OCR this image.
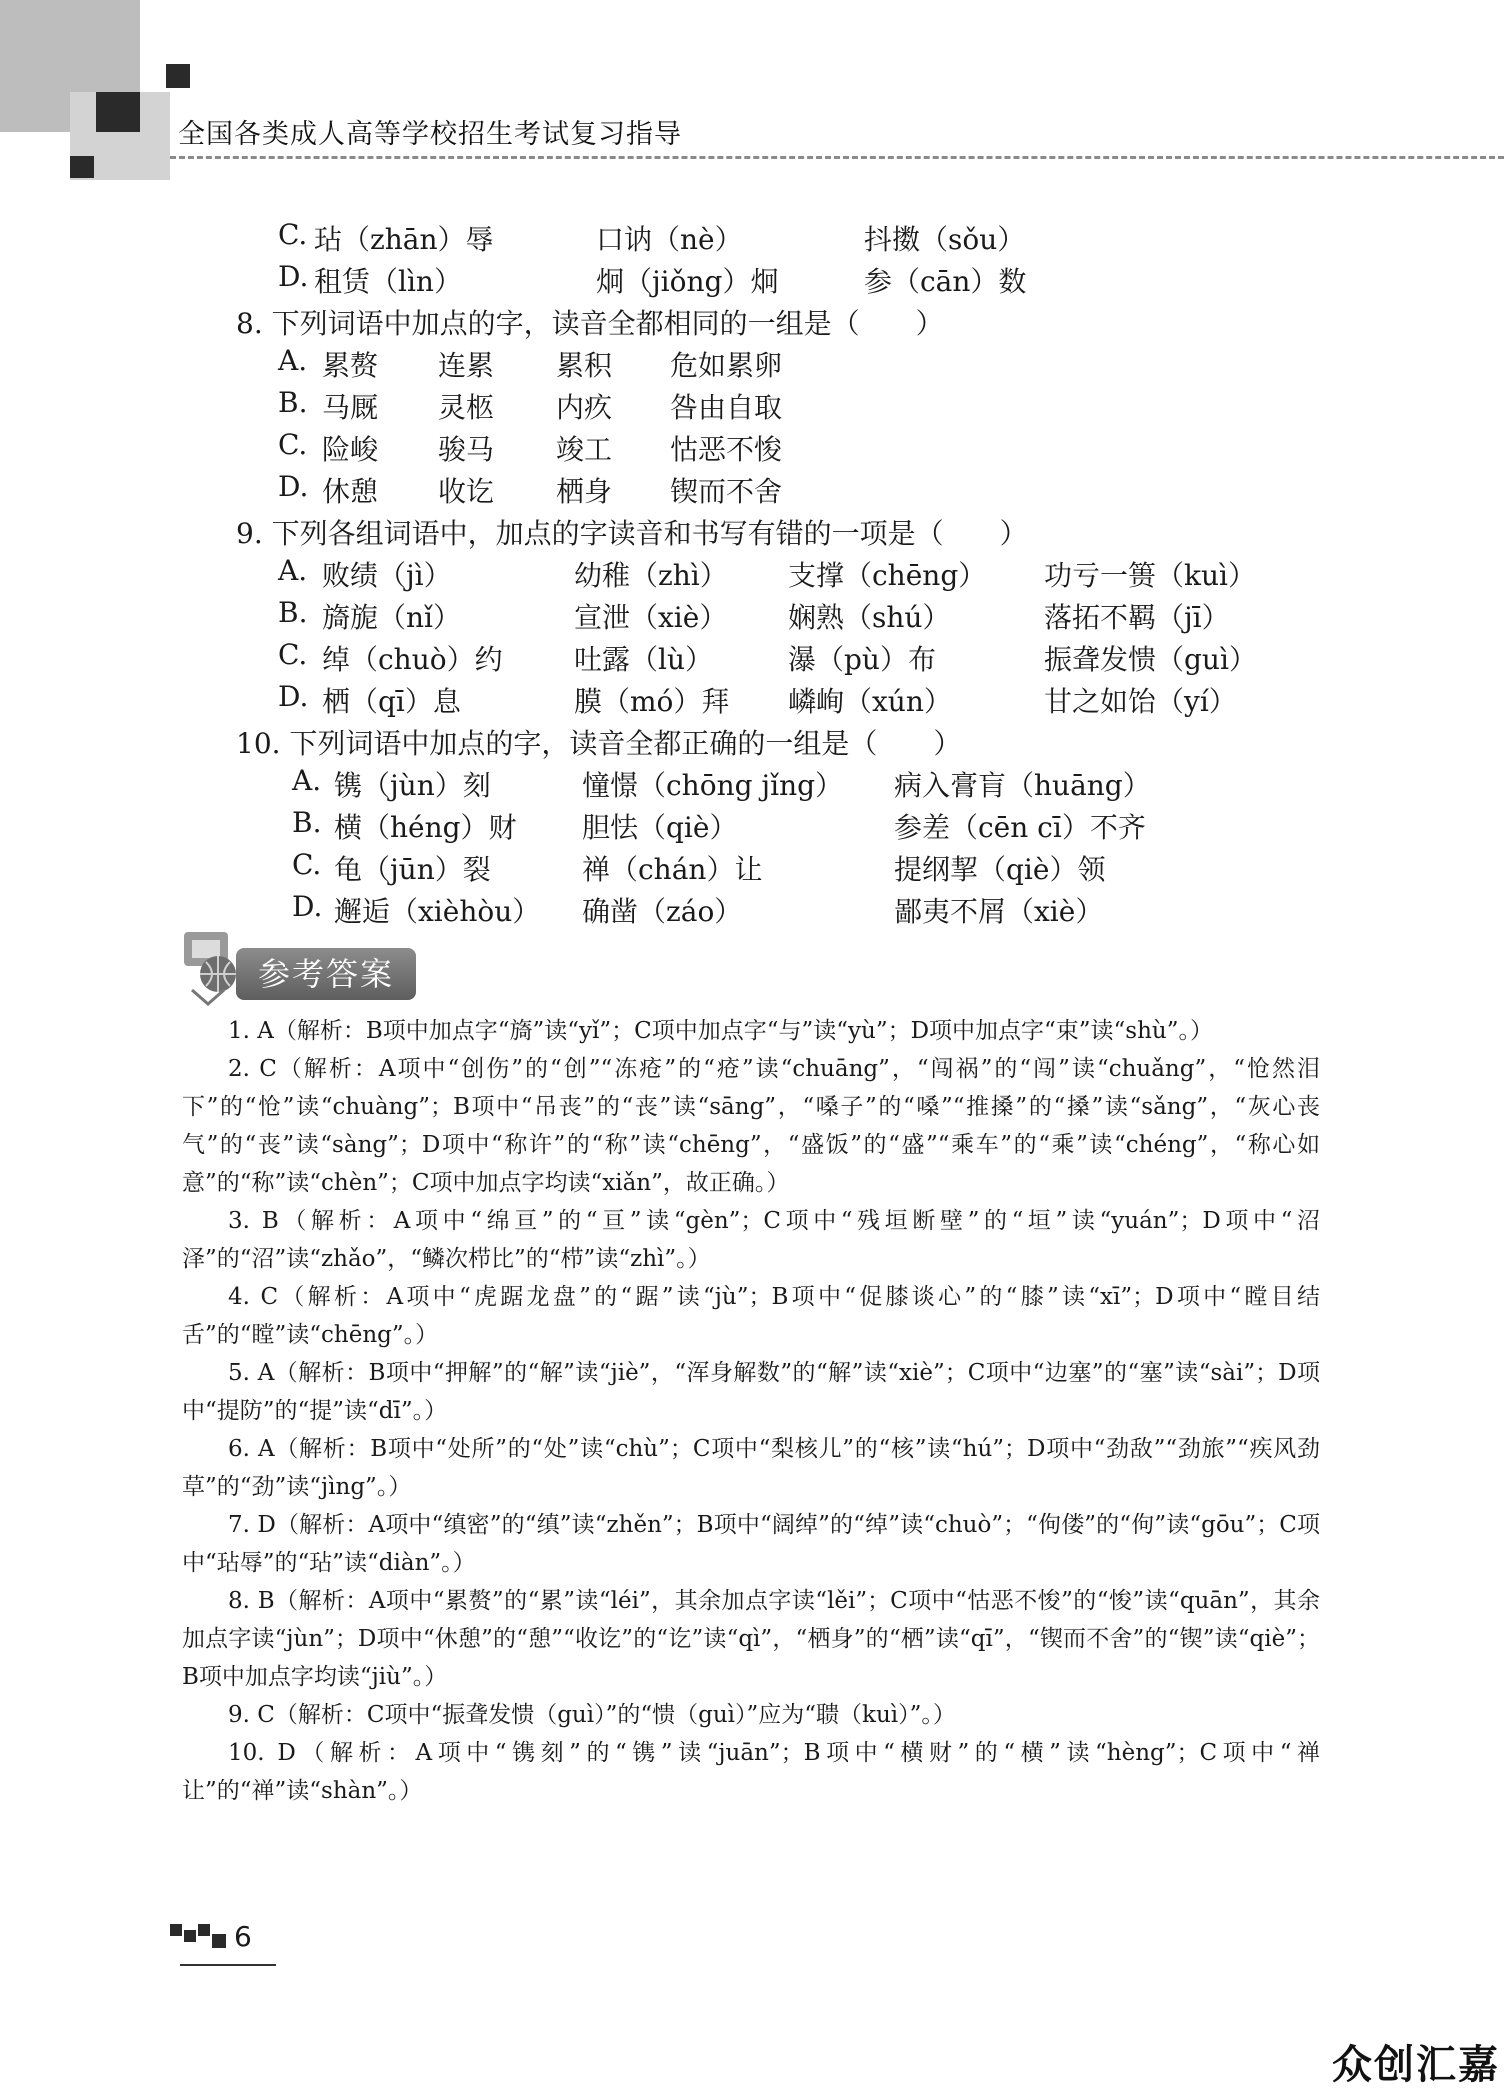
全国各类成人高等学校招生考试复习指导
C. 玷（zhān）辱	口讷（nè）	抖擞（sǒu）
D. 租赁（lìn）	炯（jiǒng）炯	参（cān）数
8. 下列词语中加点的字，读音全都相同的一组是（　　）
A. 累赘 连累 累积 危如累卵
B. 马厩 灵柩 内疚 咎由自取
C. 险峻 骏马 竣工 怙恶不悛
D. 休憩 收讫 栖身 锲而不舍
9. 下列各组词语中，加点的字读音和书写有错的一项是（　　）
A. 败绩（jì）	幼稚（zhì） 支撑（chēng） 功亏一篑（kuì）
B. 旖旎（nǐ）	宣泄（xiè） 娴熟（shú）	落拓不羁（jī）
C. 绰（chuò）约	吐露（lù）	瀑（pù）布	振聋发愦（guì）
D. 栖（qī）息	膜（mó）拜 嶙峋（xún）	甘之如饴（yí）
10. 下列词语中加点的字，读音全都正确的一组是（　　）
A. 镌（jùn）刻	憧憬（chōng jǐng） 病入膏肓（huāng）
B. 横（héng）财 胆怯（qiè）	参差（cēn cī）不齐
C. 龟（jūn）裂	禅（chán）让	提纲挈（qiè）领
D. 邂逅（xièhòu） 确凿（záo）	鄙夷不屑（xiè）
参考答案

1. A（解析：B项中加点字“旖”读“yǐ”；C项中加点字“与”读“yù”；D项中加点字“束”读“shù”。）

2. C（解析：A项中“创伤”的“创”“冻疮”的“疮”读“chuāng”，“闯祸”的“闯”读“chuǎng”，“怆然泪下”的“怆”读“chuàng”；B项中“吊丧”的“丧”读“sāng”，“嗓子”的“嗓”“推搡”的“搡”读“sǎng”，“灰心丧气”的“丧”读“sàng”；D项中“称许”的“称”读“chēng”，“盛饭”的“盛”“乘车”的“乘”读“chéng”，“称心如意”的“称”读“chèn”；C项中加点字均读“xiǎn”，故正确。）

3. B（解析：A项中“绵亘”的“亘”读“gèn”；C项中“残垣断壁”的“垣”读“yuán”；D项中“沼泽”的“沼”读“zhǎo”，“鳞次栉比”的“栉”读“zhì”。）

4. C（解析：A项中“虎踞龙盘”的“踞”读“jù”；B项中“促膝谈心”的“膝”读“xī”；D项中“瞠目结舌”的“瞠”读“chēng”。）

5. A（解析：B项中“押解”的“解”读“jiè”，“浑身解数”的“解”读“xiè”；C项中“边塞”的“塞”读“sài”；D项中“提防”的“提”读“dī”。）

6. A（解析：B项中“处所”的“处”读“chù”；C项中“梨核儿”的“核”读“hú”；D项中“劲敌”“劲旅”“疾风劲草”的“劲”读“jìng”。）

7. D（解析：A项中“缜密”的“缜”读“zhěn”；B项中“阔绰”的“绰”读“chuò”；“佝偻”的“佝”读“gōu”；C项中“玷辱”的“玷”读“diàn”。）

8. B（解析：A项中“累赘”的“累”读“léi”，其余加点字读“lěi”；C项中“怙恶不悛”的“悛”读“quān”，其余加点字读“jùn”；D项中“休憩”的“憩”“收讫”的“讫”读“qì”，“栖身”的“栖”读“qī”，“锲而不舍”的“锲”读“qiè”；B项中加点字均读“jiù”。）

9. C（解析：C项中“振聋发愦（guì）”的“愦（guì）”应为“聩（kuì）”。）

10. D（解析：A项中“镌刻”的“镌”读“juān”；B项中“横财”的“横”读“hèng”；C项中“禅让”的“禅”读“shàn”。）

6
众创汇嘉
